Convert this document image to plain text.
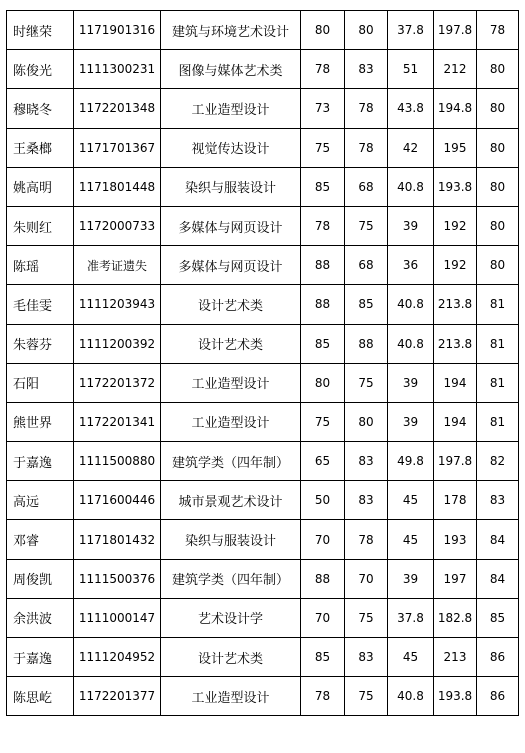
时继荣	1171901316	建筑与环境艺术设计	80	80	37.8	197.8	78
陈俊光	1111300231	图像与媒体艺术类	78	83	51	212	80
穆晓冬	1172201348	工业造型设计	73	78	43.8	194.8	80
王桑榔	1171701367	视觉传达设计	75	78	42	195	80
姚高明	1171801448	染织与服装设计	85	68	40.8	193.8	80
朱则红	1172000733	多媒体与网页设计	78	75	39	192	80
陈瑶	准考证遗失	多媒体与网页设计	88	68	36	192	80
毛佳雯	1111203943	设计艺术类	88	85	40.8	213.8	81
朱蓉芬	1111200392	设计艺术类	85	88	40.8	213.8	81
石阳	1172201372	工业造型设计	80	75	39	194	81
熊世界	1172201341	工业造型设计	75	80	39	194	81
于嘉逸	1111500880	建筑学类（四年制）	65	83	49.8	197.8	82
高远	1171600446	城市景观艺术设计	50	83	45	178	83
邓睿	1171801432	染织与服装设计	70	78	45	193	84
周俊凯	1111500376	建筑学类（四年制）	88	70	39	197	84
余洪波	1111000147	艺术设计学	70	75	37.8	182.8	85
于嘉逸	1111204952	设计艺术类	85	83	45	213	86
陈思屹	1172201377	工业造型设计	78	75	40.8	193.8	86
